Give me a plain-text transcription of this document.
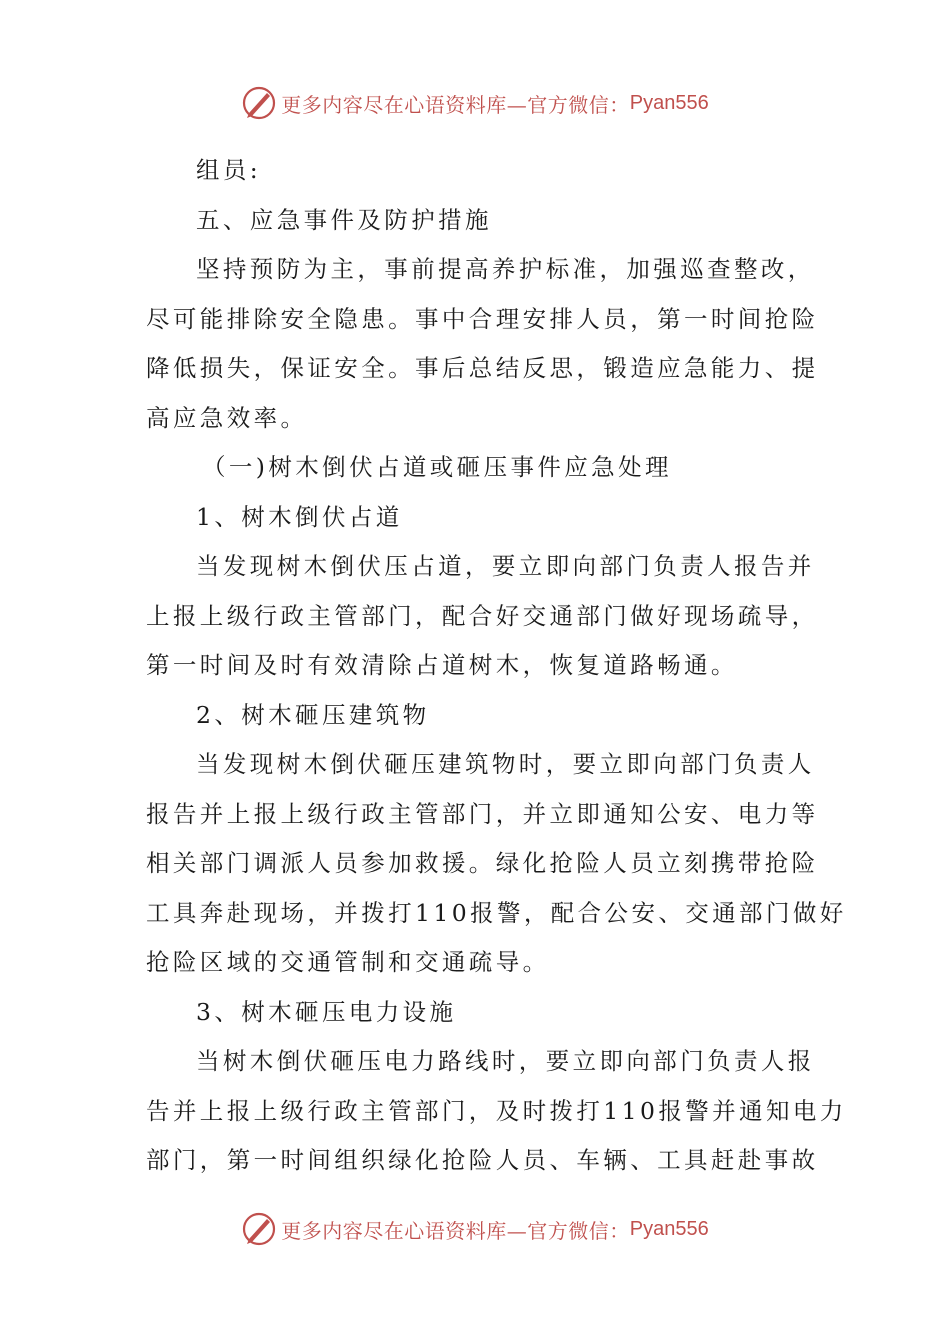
更多内容尽在心语资料库—官方微信： Pyan556
组员:
五、应急事件及防护措施
坚持预防为主，事前提高养护标准，加强巡查整改，
尽可能排除安全隐患。事中合理安排人员，第一时间抢险
降低损失，保证安全。事后总结反思，锻造应急能力、提
高应急效率。
（一)树木倒伏占道或砸压事件应急处理
1、树木倒伏占道
当发现树木倒伏压占道，要立即向部门负责人报告并
上报上级行政主管部门，配合好交通部门做好现场疏导，
第一时间及时有效清除占道树木，恢复道路畅通。
2、树木砸压建筑物
当发现树木倒伏砸压建筑物时，要立即向部门负责人
报告并上报上级行政主管部门，并立即通知公安、电力等
相关部门调派人员参加救援。绿化抢险人员立刻携带抢险
工具奔赴现场，并拨打110报警，配合公安、交通部门做好
抢险区域的交通管制和交通疏导。
3、树木砸压电力设施
当树木倒伏砸压电力路线时，要立即向部门负责人报
告并上报上级行政主管部门，及时拨打110报警并通知电力
部门，第一时间组织绿化抢险人员、车辆、工具赶赴事故
更多内容尽在心语资料库—官方微信： Pyan556
